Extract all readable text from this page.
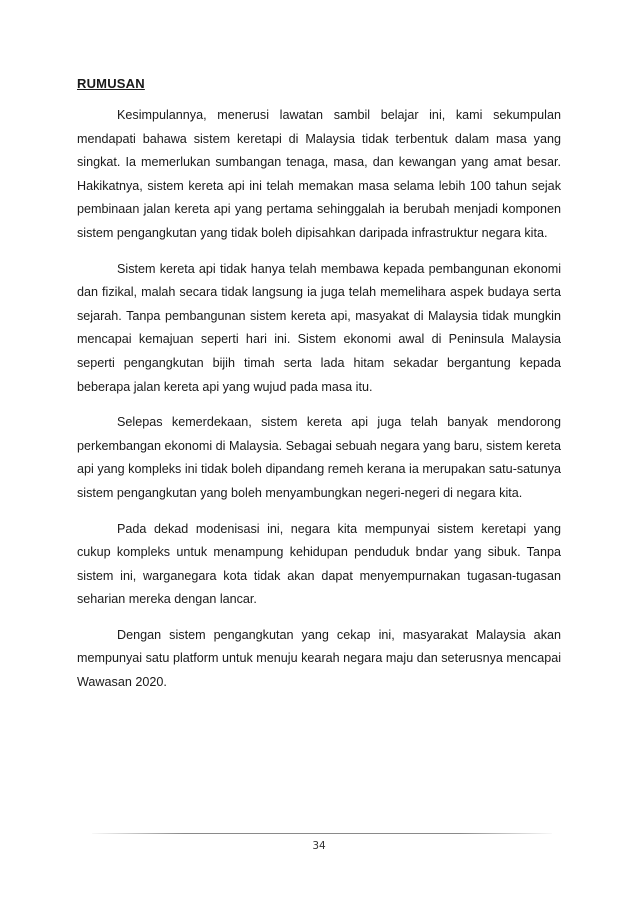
RUMUSAN

Kesimpulannya, menerusi lawatan sambil belajar ini, kami sekumpulan mendapati bahawa sistem keretapi di Malaysia tidak terbentuk dalam masa yang singkat. Ia memerlukan sumbangan tenaga, masa, dan kewangan yang amat besar. Hakikatnya, sistem kereta api ini telah memakan masa selama lebih 100 tahun sejak pembinaan jalan kereta api yang pertama sehinggalah ia berubah menjadi komponen sistem pengangkutan yang tidak boleh dipisahkan daripada infrastruktur negara kita.

Sistem kereta api tidak hanya telah membawa kepada pembangunan ekonomi dan fizikal, malah secara tidak langsung ia juga telah memelihara aspek budaya serta sejarah. Tanpa pembangunan sistem kereta api, masyakat di Malaysia tidak mungkin mencapai kemajuan seperti hari ini. Sistem ekonomi awal di Peninsula Malaysia seperti pengangkutan bijih timah serta lada hitam sekadar bergantung kepada beberapa jalan kereta api yang wujud pada masa itu.

Selepas kemerdekaan, sistem kereta api juga telah banyak mendorong perkembangan ekonomi di Malaysia. Sebagai sebuah negara yang baru, sistem kereta api yang kompleks ini tidak boleh dipandang remeh kerana ia merupakan satu-satunya sistem pengangkutan yang boleh menyambungkan negeri-negeri di negara kita.

Pada dekad modenisasi ini, negara kita mempunyai sistem keretapi yang cukup kompleks untuk menampung kehidupan penduduk bndar yang sibuk. Tanpa sistem ini, warganegara kota tidak akan dapat menyempurnakan tugasan-tugasan seharian mereka dengan lancar.

Dengan sistem pengangkutan yang cekap ini, masyarakat Malaysia akan mempunyai satu platform untuk menuju kearah negara maju dan seterusnya mencapai Wawasan 2020.

34
